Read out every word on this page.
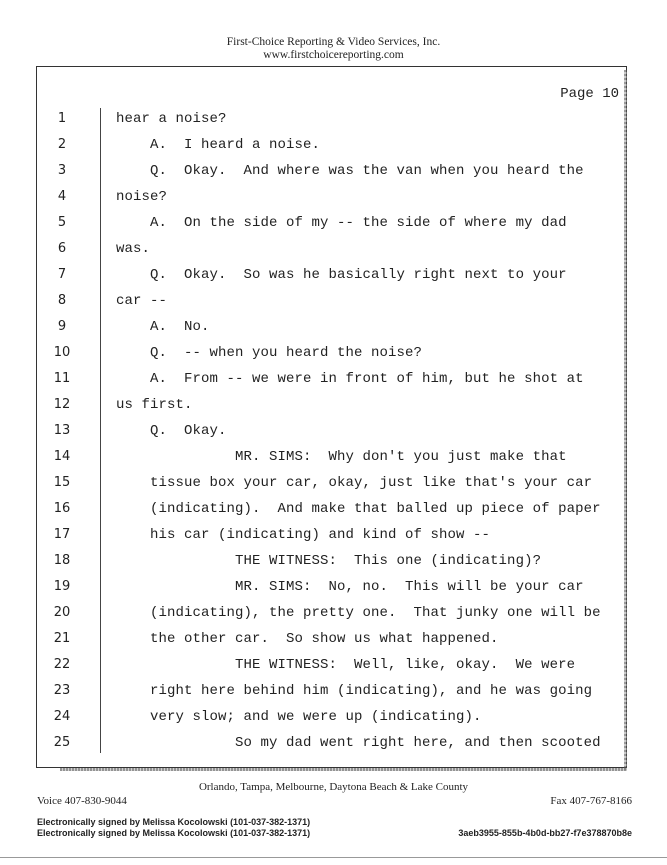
First-Choice Reporting & Video Services, Inc.
www.firstchoicereporting.com
Page 10
1	hear a noise?
2	A.  I heard a noise.
3	Q.  Okay.  And where was the van when you heard the
4	noise?
5	A.  On the side of my -- the side of where my dad
6	was.
7	Q.  Okay.  So was he basically right next to your
8	car --
9	A.  No.
10	Q.  -- when you heard the noise?
11	A.  From -- we were in front of him, but he shot at
12	us first.
13	Q.  Okay.
14	MR. SIMS:  Why don't you just make that
15	tissue box your car, okay, just like that's your car
16	(indicating).  And make that balled up piece of paper
17	his car (indicating) and kind of show --
18	THE WITNESS:  This one (indicating)?
19	MR. SIMS:  No, no.  This will be your car
20	(indicating), the pretty one.  That junky one will be
21	the other car.  So show us what happened.
22	THE WITNESS:  Well, like, okay.  We were
23	right here behind him (indicating), and he was going
24	very slow; and we were up (indicating).
25	So my dad went right here, and then scooted
Orlando, Tampa, Melbourne, Daytona Beach & Lake County
Voice 407-830-9044	Fax 407-767-8166
Electronically signed by Melissa Kocolowski (101-037-382-1371)
Electronically signed by Melissa Kocolowski (101-037-382-1371)	3aeb3955-855b-4b0d-bb27-f7e378870b8e
